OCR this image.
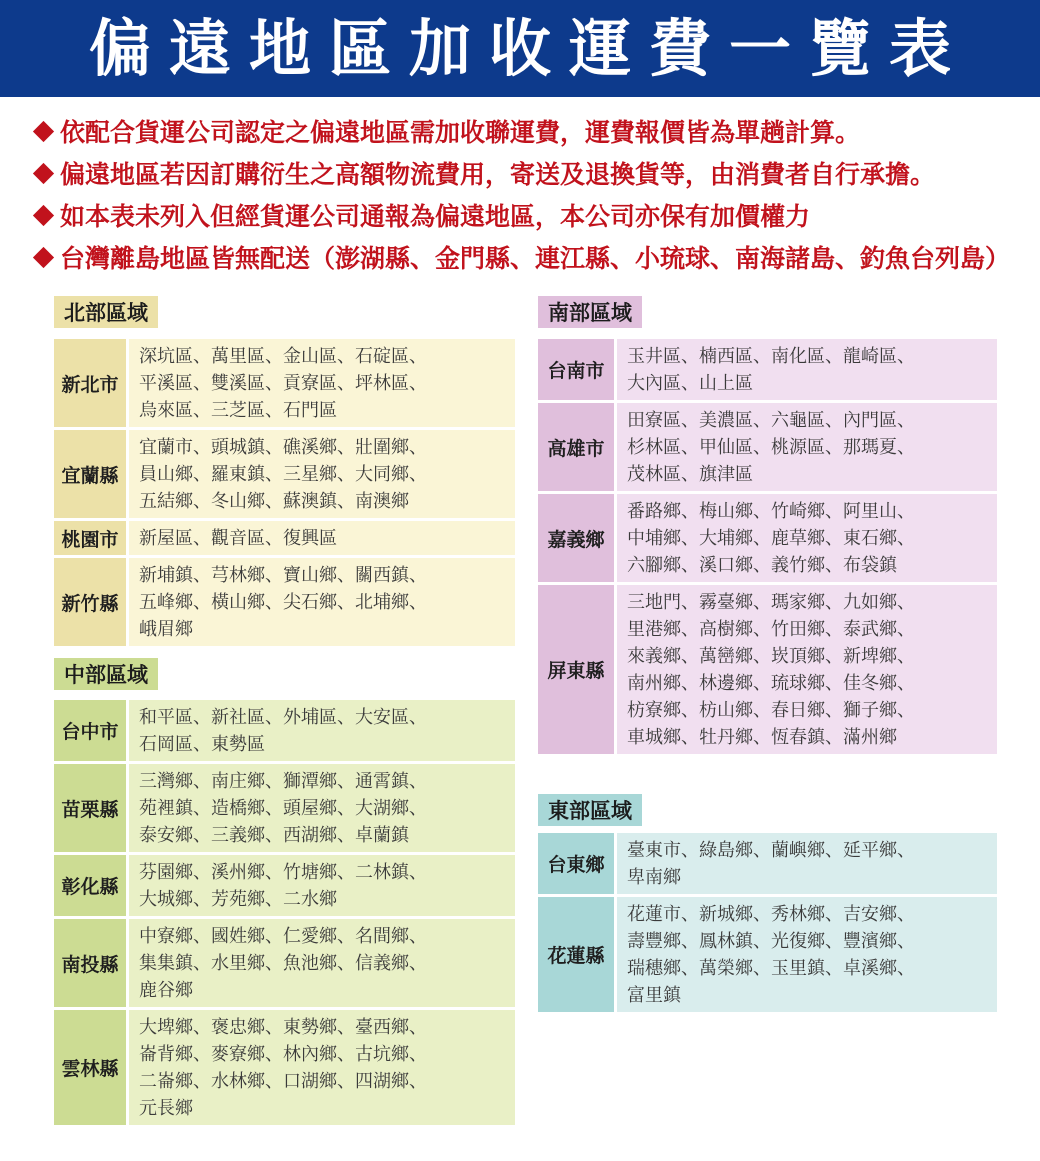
偏遠地區加收運費一覽表
依配合貨運公司認定之偏遠地區需加收聯運費，運費報價皆為單趟計算。
偏遠地區若因訂購衍生之高額物流費用，寄送及退換貨等，由消費者自行承擔。
如本表未列入但經貨運公司通報為偏遠地區，本公司亦保有加價權力
台灣離島地區皆無配送（澎湖縣、金門縣、連江縣、小琉球、南海諸島、釣魚台列島）
北部區域
中部區域
南部區域
東部區域
新北市
深坑區、萬里區、金山區、石碇區、
平溪區、雙溪區、貢寮區、坪林區、
烏來區、三芝區、石門區
宜蘭縣
宜蘭市、頭城鎮、礁溪鄉、壯圍鄉、
員山鄉、羅東鎮、三星鄉、大同鄉、
五結鄉、冬山鄉、蘇澳鎮、南澳鄉
桃園市	新屋區、觀音區、復興區
新竹縣
新埔鎮、芎林鄉、寶山鄉、關西鎮、
五峰鄉、橫山鄉、尖石鄉、北埔鄉、
峨眉鄉
台中市
和平區、新社區、外埔區、大安區、
石岡區、東勢區
苗栗縣
三灣鄉、南庄鄉、獅潭鄉、通霄鎮、
苑裡鎮、造橋鄉、頭屋鄉、大湖鄉、
泰安鄉、三義鄉、西湖鄉、卓蘭鎮
彰化縣
芬園鄉、溪州鄉、竹塘鄉、二林鎮、
大城鄉、芳苑鄉、二水鄉
南投縣
中寮鄉、國姓鄉、仁愛鄉、名間鄉、
集集鎮、水里鄉、魚池鄉、信義鄉、
鹿谷鄉
雲林縣
大埤鄉、褒忠鄉、東勢鄉、臺西鄉、
崙背鄉、麥寮鄉、林內鄉、古坑鄉、
二崙鄉、水林鄉、口湖鄉、四湖鄉、
元長鄉
台南市
玉井區、楠西區、南化區、龍崎區、
大內區、山上區
高雄市
田寮區、美濃區、六龜區、內門區、
杉林區、甲仙區、桃源區、那瑪夏、
茂林區、旗津區
嘉義鄉
番路鄉、梅山鄉、竹崎鄉、阿里山、
中埔鄉、大埔鄉、鹿草鄉、東石鄉、
六腳鄉、溪口鄉、義竹鄉、布袋鎮
屏東縣
三地門、霧臺鄉、瑪家鄉、九如鄉、
里港鄉、高樹鄉、竹田鄉、泰武鄉、
來義鄉、萬巒鄉、崁頂鄉、新埤鄉、
南州鄉、林邊鄉、琉球鄉、佳冬鄉、
枋寮鄉、枋山鄉、春日鄉、獅子鄉、
車城鄉、牡丹鄉、恆春鎮、滿州鄉
台東鄉
臺東市、綠島鄉、蘭嶼鄉、延平鄉、
卑南鄉
花蓮縣
花蓮市、新城鄉、秀林鄉、吉安鄉、
壽豐鄉、鳳林鎮、光復鄉、豐濱鄉、
瑞穗鄉、萬榮鄉、玉里鎮、卓溪鄉、
富里鎮
